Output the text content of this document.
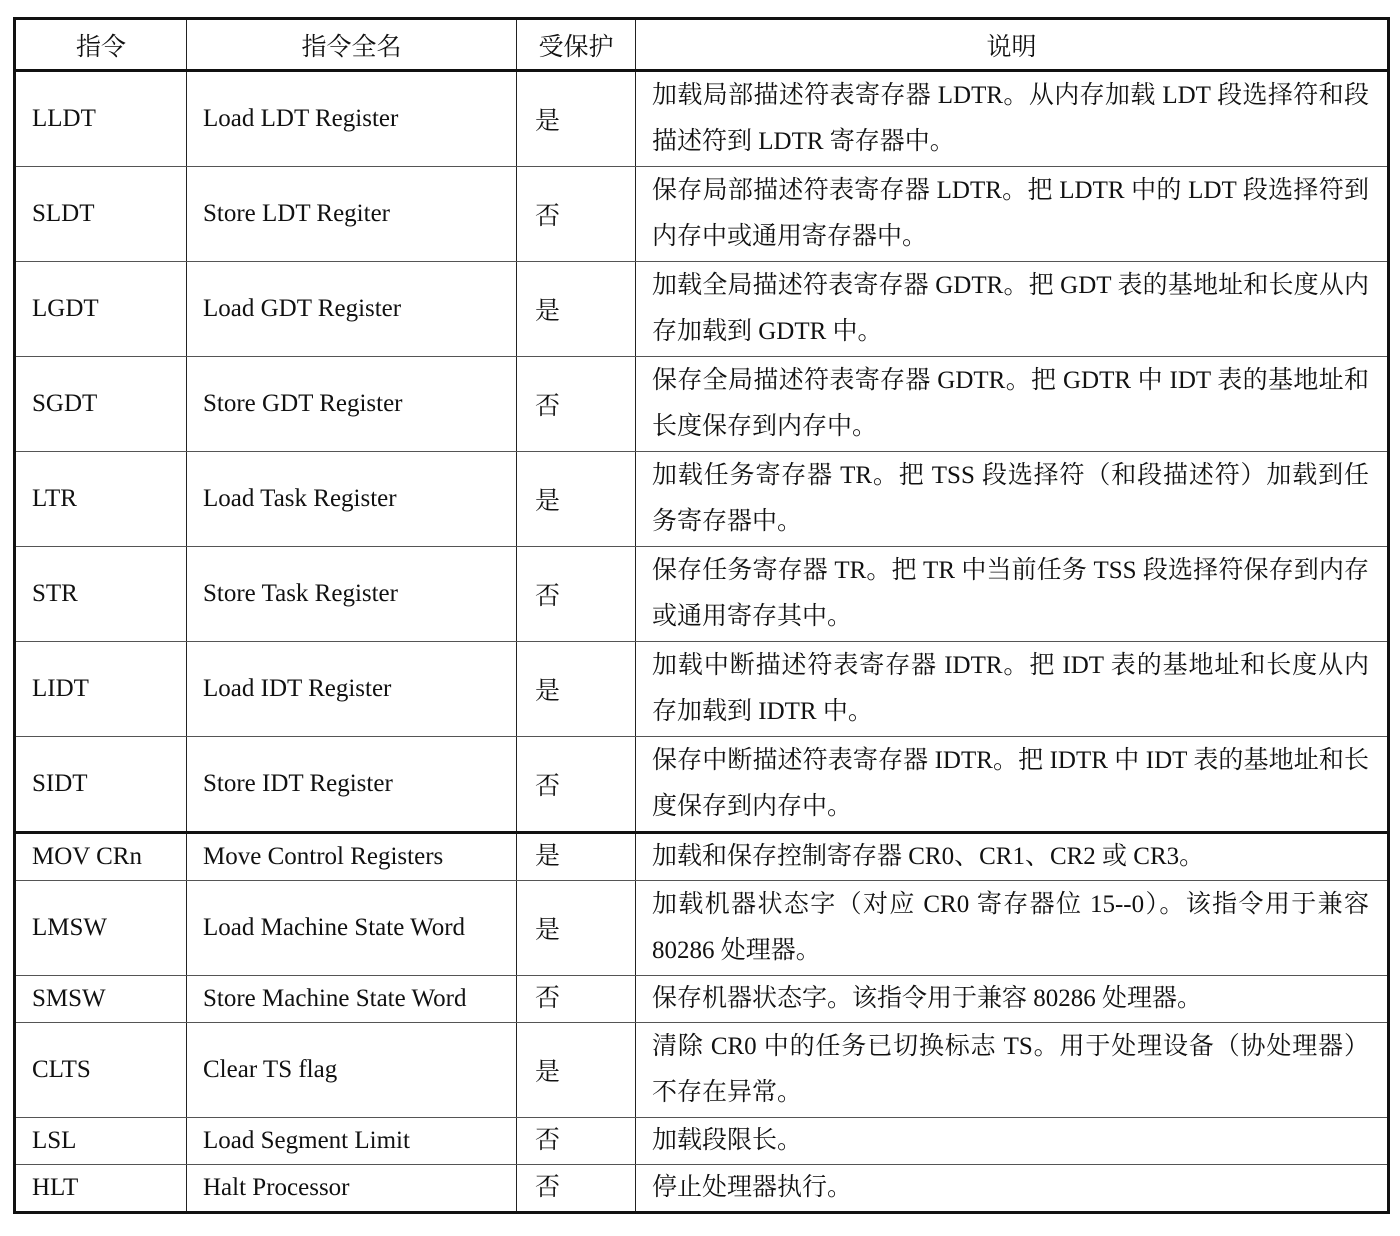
指令	指令全名	受保护	说明
LLDT	Load LDT Register	是	加载局部描述符表寄存器 LDTR。从内存加载 LDT 段选择符和段描述符到 LDTR 寄存器中。
SLDT	Store LDT Regiter	否	保存局部描述符表寄存器 LDTR。把 LDTR 中的 LDT 段选择符到内存中或通用寄存器中。
LGDT	Load GDT Register	是	加载全局描述符表寄存器 GDTR。把 GDT 表的基地址和长度从内存加载到 GDTR 中。
SGDT	Store GDT Register	否	保存全局描述符表寄存器 GDTR。把 GDTR 中 IDT 表的基地址和长度保存到内存中。
LTR	Load Task Register	是	加载任务寄存器 TR。把 TSS 段选择符（和段描述符）加载到任务寄存器中。
STR	Store Task Register	否	保存任务寄存器 TR。把 TR 中当前任务 TSS 段选择符保存到内存或通用寄存其中。
LIDT	Load IDT Register	是	加载中断描述符表寄存器 IDTR。把 IDT 表的基地址和长度从内存加载到 IDTR 中。
SIDT	Store IDT Register	否	保存中断描述符表寄存器 IDTR。把 IDTR 中 IDT 表的基地址和长度保存到内存中。
MOV CRn	Move Control Registers	是	加载和保存控制寄存器 CR0、CR1、CR2 或 CR3。
LMSW	Load Machine State Word	是	加载机器状态字（对应 CR0 寄存器位 15--0）。该指令用于兼容 80286 处理器。
SMSW	Store Machine State Word	否	保存机器状态字。该指令用于兼容 80286 处理器。
CLTS	Clear TS flag	是	清除 CR0 中的任务已切换标志 TS。用于处理设备（协处理器）不存在异常。
LSL	Load Segment Limit	否	加载段限长。
HLT	Halt Processor	否	停止处理器执行。
